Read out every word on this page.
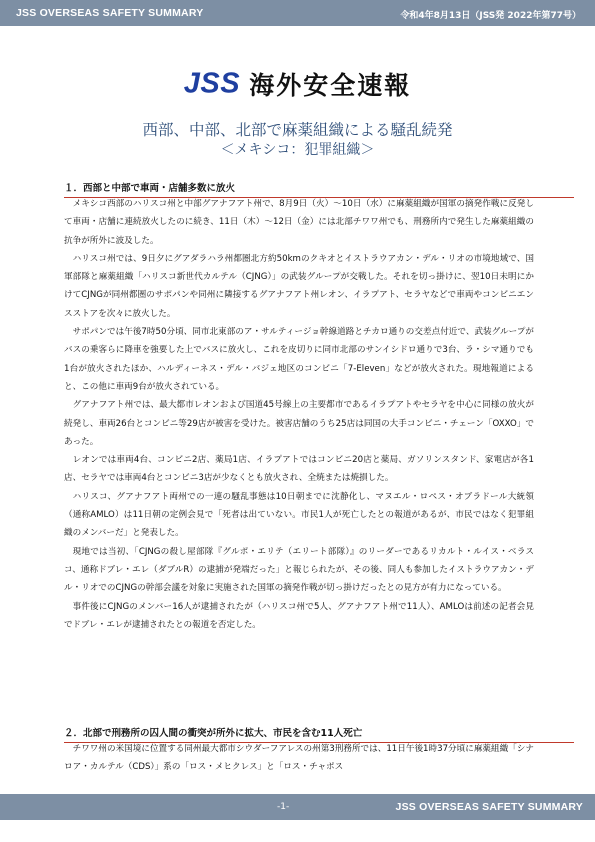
JSS OVERSEAS SAFETY SUMMARY	令和4年8月13日（JSS発 2022年第77号）
JSS 海外安全速報
西部、中部、北部で麻薬組織による騒乱続発
＜メキシコ：犯罪組織＞
１．西部と中部で車両・店舗多数に放火

メキシコ西部のハリスコ州と中部グアナフアト州で、8月9日（火）～10日（水）に麻薬組織が国軍の摘発作戦に反発して車両・店舗に連続放火したのに続き、11日（木）～12日（金）には北部チワワ州でも、刑務所内で発生した麻薬組織の抗争が所外に波及した。

ハリスコ州では、9日夕にグアダラハラ州都圏北方約50kmのクキオとイストラウアカン・デル・リオの市境地域で、国軍部隊と麻薬組織「ハリスコ新世代カルテル（CJNG）」の武装グループが交戦した。それを切っ掛けに、翌10日未明にかけてCJNGが同州都圏のサポパンや同州に隣接するグアナフアト州レオン、イラプアト、セラヤなどで車両やコンビニエンスストアを次々に放火した。

サポパンでは午後7時50分頃、同市北東部のア・サルティージョ幹線道路とチカロ通りの交差点付近で、武装グループがバスの乗客らに降車を強要した上でバスに放火し、これを皮切りに同市北部のサンイシドロ通りで3台、ラ・シマ通りでも1台が放火されたほか、ハルディーネス・デル・バジェ地区のコンビニ「7-Eleven」などが放火された。現地報道によると、この他に車両9台が放火されている。

グアナフアト州では、最大都市レオンおよび国道45号線上の主要都市であるイラプアトやセラヤを中心に同様の放火が続発し、車両26台とコンビニ等29店が被害を受けた。被害店舗のうち25店は同国の大手コンビニ・チェーン「OXXO」であった。

レオンでは車両4台、コンビニ2店、薬局1店、イラプアトではコンビニ20店と薬局、ガソリンスタンド、家電店が各1店、セラヤでは車両4台とコンビニ3店が少なくとも放火され、全焼または焼損した。

ハリスコ、グアナフアト両州での一連の騒乱事態は10日朝までに沈静化し、マヌエル・ロペス・オブラドール大統領（通称AMLO）は11日朝の定例会見で「死者は出ていない。市民1人が死亡したとの報道があるが、市民ではなく犯罪組織のメンバーだ」と発表した。

現地では当初、「CJNGの殺し屋部隊『グルポ・エリテ（エリート部隊）』のリーダーであるリカルト・ルイス・ベラスコ、通称ドブレ・エレ（ダブルR）の逮捕が発端だった」と報じられたが、その後、同人も参加したイストラウアカン・デル・リオでのCJNGの幹部会議を対象に実施された国軍の摘発作戦が切っ掛けだったとの見方が有力になっている。

事件後にCJNGのメンバー16人が逮捕されたが（ハリスコ州で5人、グアナフアト州で11人）、AMLOは前述の記者会見でドブレ・エレが逮捕されたとの報道を否定した。

２．北部で刑務所の囚人間の衝突が所外に拡大、市民を含む11人死亡

チワワ州の米国境に位置する同州最大都市シウダーフアレスの州第3刑務所では、11日午後1時37分頃に麻薬組織「シナロア・カルテル（CDS）」系の「ロス・メヒクレス」と「ロス・チャポス

-1-	JSS OVERSEAS SAFETY SUMMARY
